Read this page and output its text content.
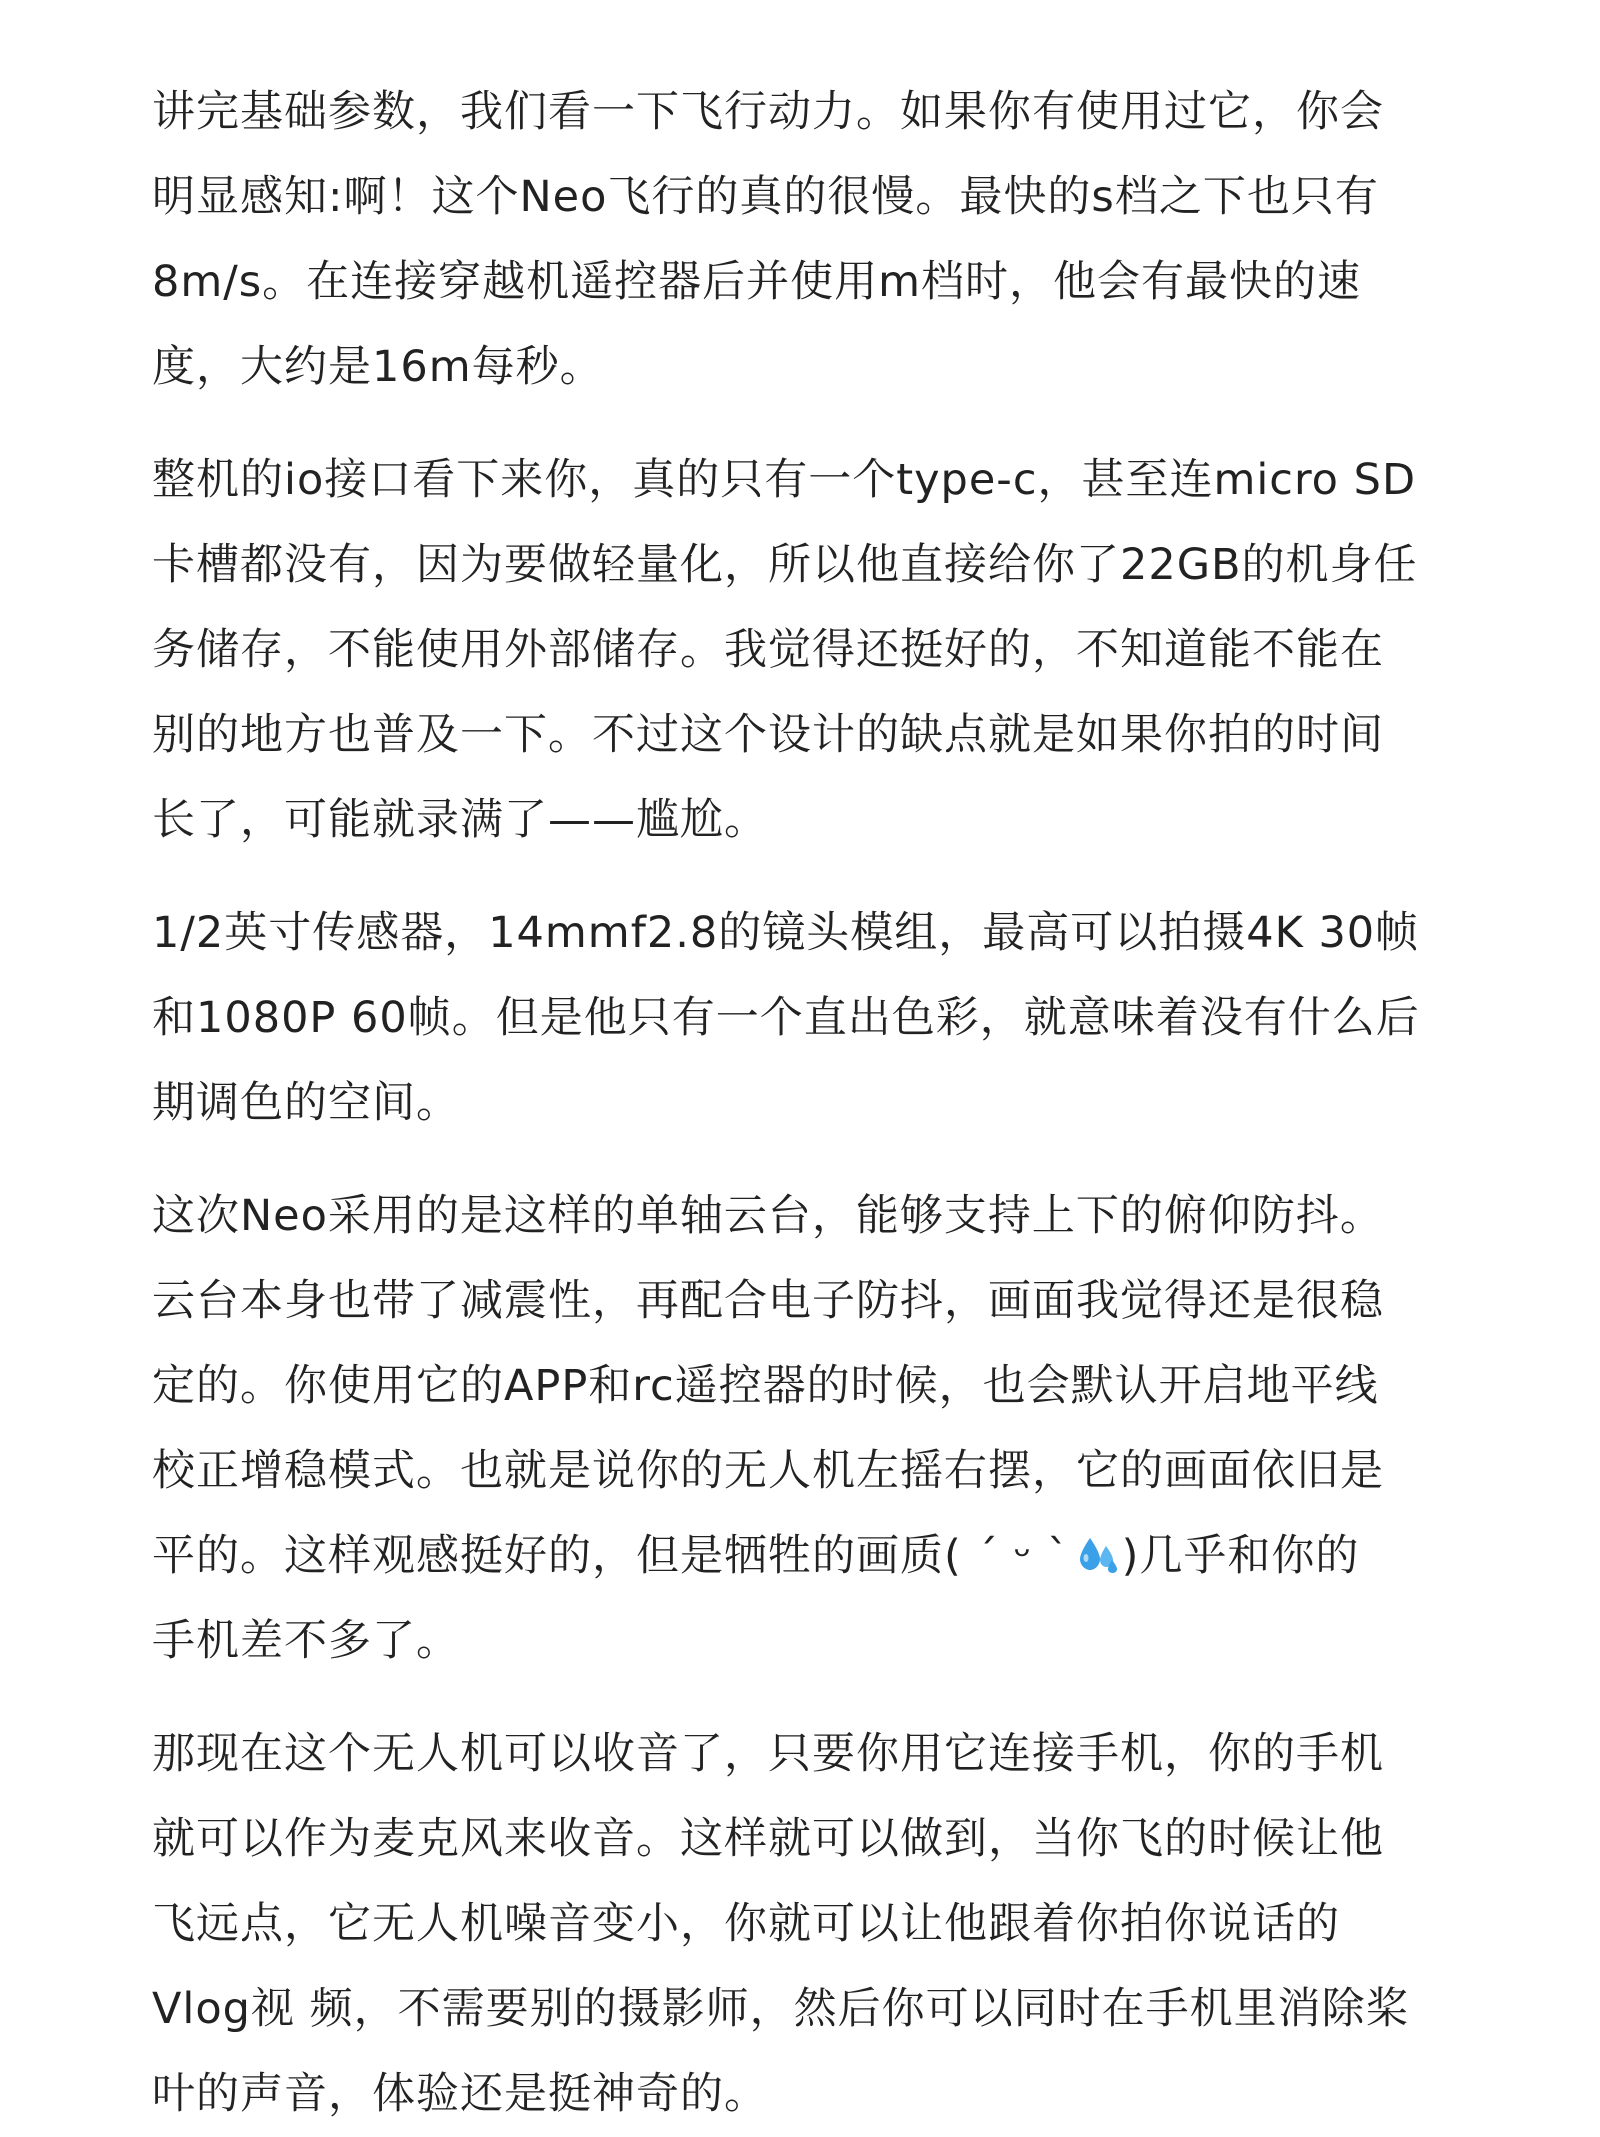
讲完基础参数，我们看一下飞行动力。如果你有使用过它，你会
明显感知:啊！这个Neo飞行的真的很慢。最快的s档之下也只有
8m/s。在连接穿越机遥控器后并使用m档时，他会有最快的速
度，大约是16m每秒。
整机的io接口看下来你，真的只有一个type-c，甚至连micro SD
卡槽都没有，因为要做轻量化，所以他直接给你了22GB的机身任
务储存，不能使用外部储存。我觉得还挺好的，不知道能不能在
别的地方也普及一下。不过这个设计的缺点就是如果你拍的时间
长了，可能就录满了——尴尬。
1/2英寸传感器，14mmf2.8的镜头模组，最高可以拍摄4K 30帧
和1080P 60帧。但是他只有一个直出色彩，就意味着没有什么后
期调色的空间。
这次Neo采用的是这样的单轴云台，能够支持上下的俯仰防抖。
云台本身也带了减震性，再配合电子防抖，画面我觉得还是很稳
定的。你使用它的APP和rc遥控器的时候，也会默认开启地平线
校正增稳模式。也就是说你的无人机左摇右摆，它的画面依旧是
平的。这样观感挺好的，但是牺牲的画质( ´ ᵕ ` )几乎和你的
手机差不多了。
那现在这个无人机可以收音了，只要你用它连接手机，你的手机
就可以作为麦克风来收音。这样就可以做到，当你飞的时候让他
飞远点，它无人机噪音变小，你就可以让他跟着你拍你说话的
Vlog视 频，不需要别的摄影师，然后你可以同时在手机里消除桨
叶的声音，体验还是挺神奇的。
